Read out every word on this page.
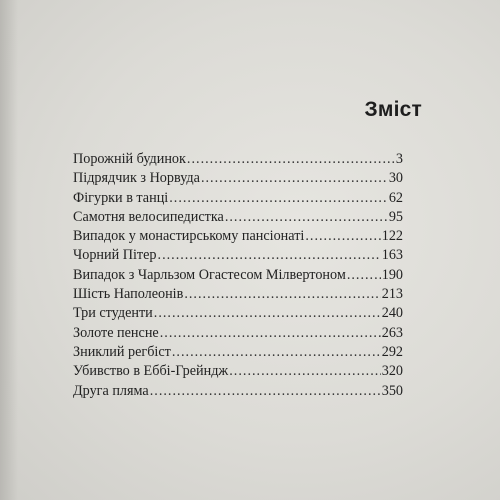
Зміст
Порожній будинок .....	3
Підрядчик з Норвуда .....	30
Фігурки в танці .....	62
Самотня велосипедистка .....	95
Випадок у монастирському пансіонаті .....	122
Чорний Пітер .....	163
Випадок з Чарльзом Огастесом Мілвертоном .....	190
Шість Наполеонів .....	213
Три студенти .....	240
Золоте пенсне .....	263
Зниклий регбіст .....	292
Убивство в Еббі-Грейндж .....	320
Друга пляма .....	350
